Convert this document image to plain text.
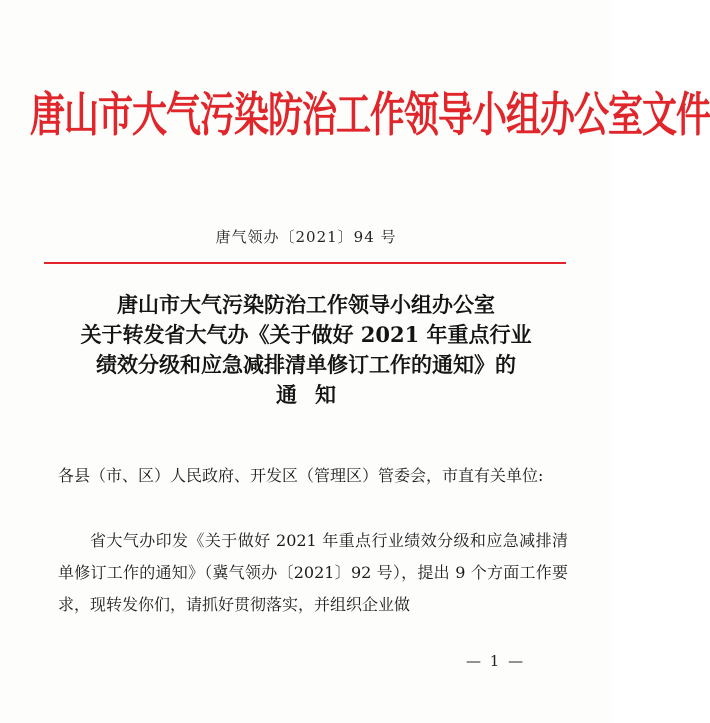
唐山市大气污染防治工作领导小组办公室文件
唐气领办〔2021〕94 号
唐山市大气污染防治工作领导小组办公室
关于转发省大气办《关于做好 2021 年重点行业
绩效分级和应急减排清单修订工作的通知》的
通知
各县（市、区）人民政府、开发区（管理区）管委会，市直有关单位:
省大气办印发《关于做好 2021 年重点行业绩效分级和应急减排清单修订工作的通知》（冀气领办〔2021〕92 号），提出 9 个方面工作要求，现转发你们，请抓好贯彻落实，并组织企业做
— 1 —
